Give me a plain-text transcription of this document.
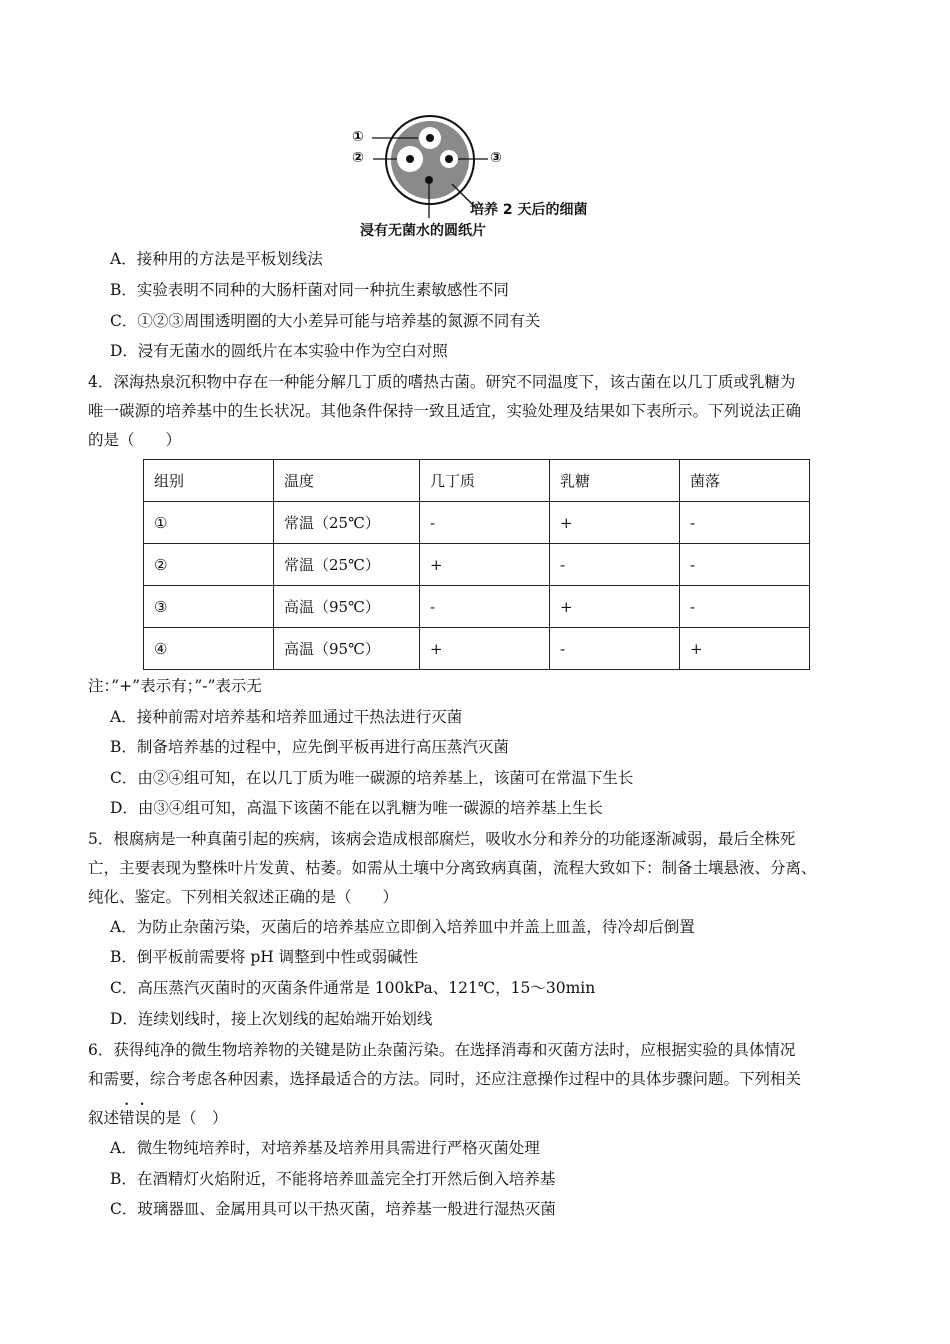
①
②	③
培养 2 天后的细菌
浸有无菌水的圆纸片
A．接种用的方法是平板划线法
B．实验表明不同种的大肠杆菌对同一种抗生素敏感性不同
C．①②③周围透明圈的大小差异可能与培养基的氮源不同有关
D．浸有无菌水的圆纸片在本实验中作为空白对照
4．深海热泉沉积物中存在一种能分解几丁质的嗜热古菌。研究不同温度下，该古菌在以几丁质或乳糖为
唯一碳源的培养基中的生长状况。其他条件保持一致且适宜，实验处理及结果如下表所示。下列说法正确
的是（　　）
组别	温度	几丁质	乳糖	菌落
①	常温（25℃）	-	+	-
②	常温（25℃）	+	-	-
③	高温（95℃）	-	+	-
④	高温（95℃）	+	-	+
注：”+”表示有；”-”表示无
A．接种前需对培养基和培养皿通过干热法进行灭菌
B．制备培养基的过程中，应先倒平板再进行高压蒸汽灭菌
C．由②④组可知，在以几丁质为唯一碳源的培养基上，该菌可在常温下生长
D．由③④组可知，高温下该菌不能在以乳糖为唯一碳源的培养基上生长
5．根腐病是一种真菌引起的疾病，该病会造成根部腐烂，吸收水分和养分的功能逐渐减弱，最后全株死
亡，主要表现为整株叶片发黄、枯萎。如需从土壤中分离致病真菌，流程大致如下：制备土壤悬液、分离、
纯化、鉴定。下列相关叙述正确的是（　　）
A．为防止杂菌污染，灭菌后的培养基应立即倒入培养皿中并盖上皿盖，待冷却后倒置
B．倒平板前需要将 pH 调整到中性或弱碱性
C．高压蒸汽灭菌时的灭菌条件通常是 100kPa、121℃，15～30min
D．连续划线时，接上次划线的起始端开始划线
6．获得纯净的微生物培养物的关键是防止杂菌污染。在选择消毒和灭菌方法时，应根据实验的具体情况
和需要，综合考虑各种因素，选择最适合的方法。同时，还应注意操作过程中的具体步骤问题。下列相关
叙述错误的是（　）
A．微生物纯培养时，对培养基及培养用具需进行严格灭菌处理
B．在酒精灯火焰附近，不能将培养皿盖完全打开然后倒入培养基
C．玻璃器皿、金属用具可以干热灭菌，培养基一般进行湿热灭菌
